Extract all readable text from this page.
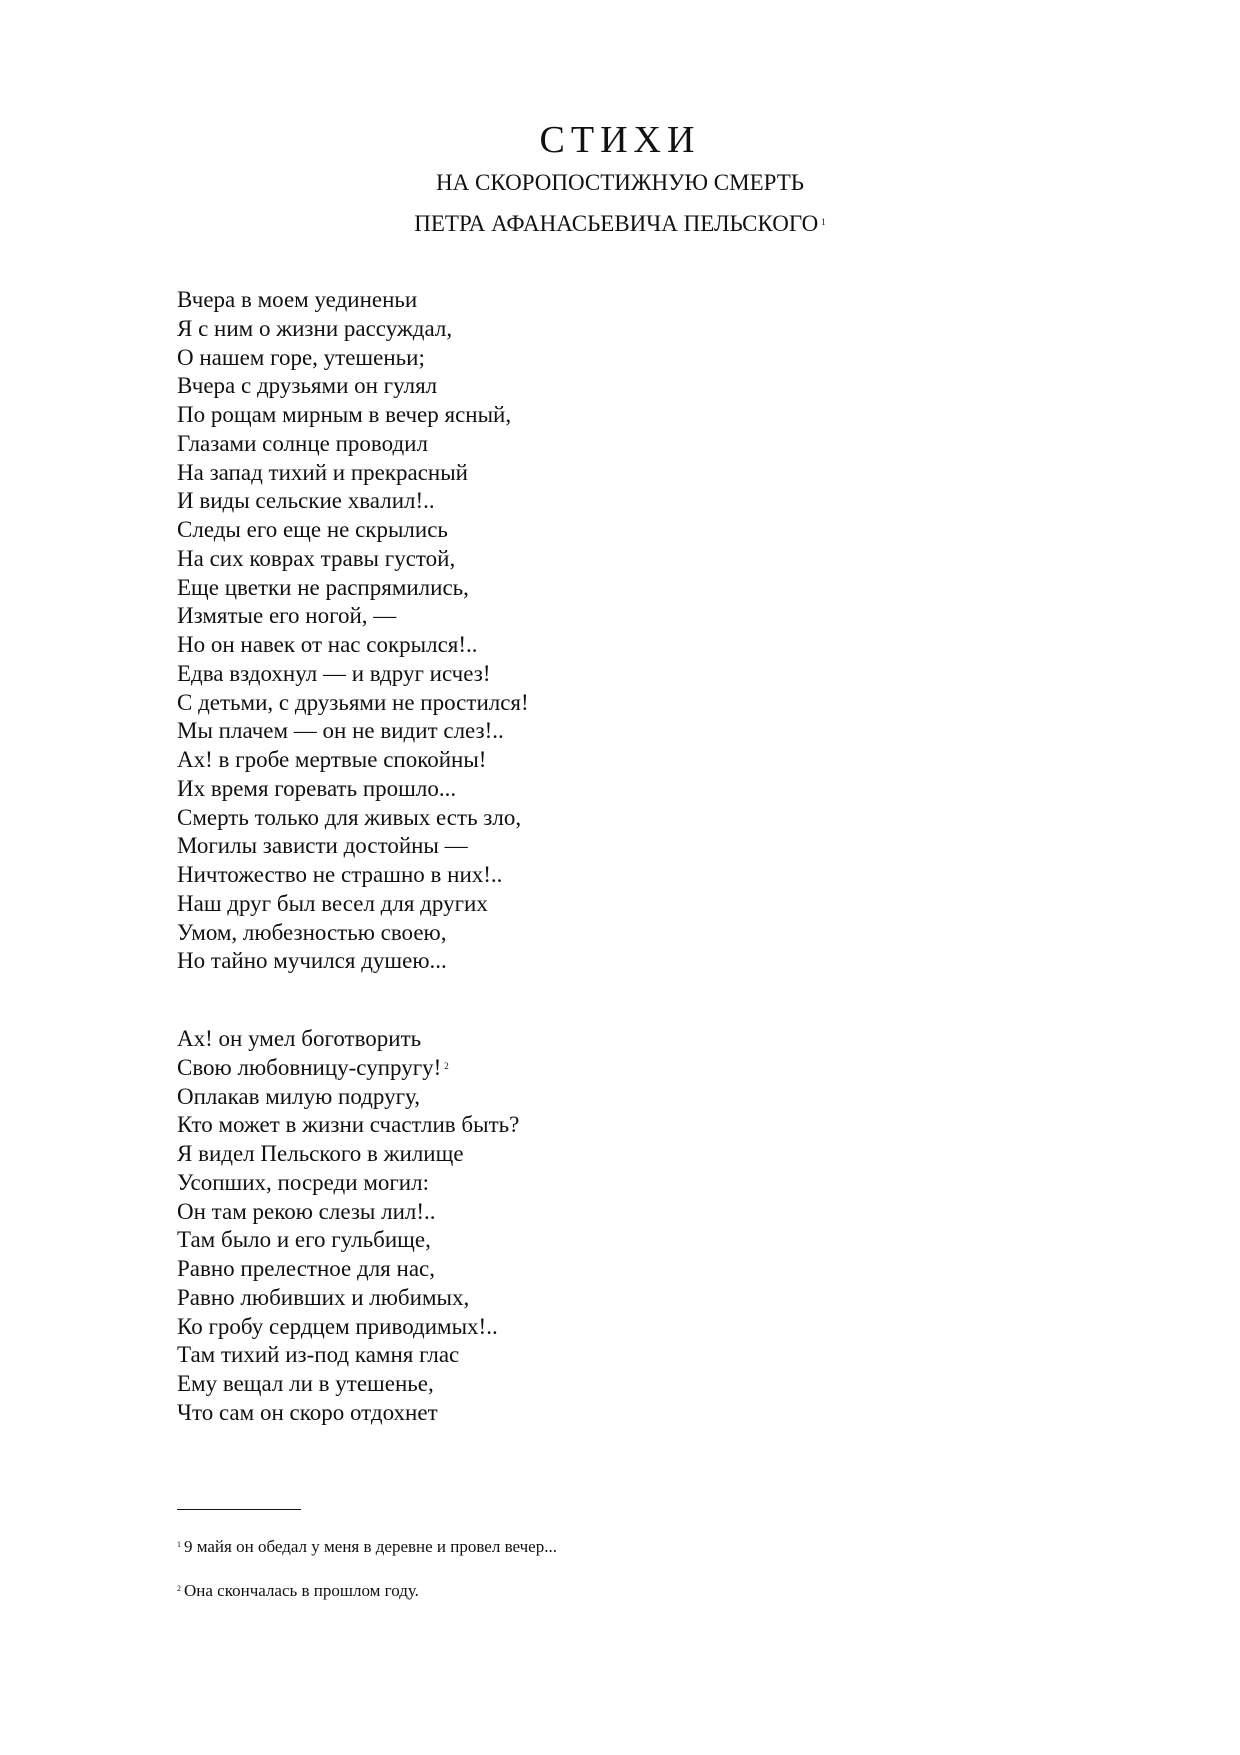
СТИХИ
НА СКОРОПОСТИЖНУЮ СМЕРТЬ
ПЕТРА АФАНАСЬЕВИЧА ПЕЛЬСКОГО $^1$
Вчера в моем уединеньи
Я с ним о жизни рассуждал,
О нашем горе, утешеньи;
Вчера с друзьями он гулял
По рощам мирным в вечер ясный,
Глазами солнце проводил
На запад тихий и прекрасный
И виды сельские хвалил!..
Следы его еще не скрылись
На сих коврах травы густой,
Еще цветки не распрямились,
Измятые его ногой, —
Но он навек от нас сокрылся!..
Едва вздохнул — и вдруг исчез!
С детьми, с друзьями не простился!
Мы плачем — он не видит слез!..
Ах! в гробе мертвые спокойны!
Их время горевать прошло...
Смерть только для живых есть зло,
Могилы зависти достойны —
Ничтожество не страшно в них!..
Наш друг был весел для других
Умом, любезностью своею,
Но тайно мучился душею...
Ах! он умел боготворить
Свою любовницу-супругу! $^2$
Оплакав милую подругу,
Кто может в жизни счастлив быть?
Я видел Пельского в жилище
Усопших, посреди могил:
Он там рекою слезы лил!..
Там было и его гульбище,
Равно прелестное для нас,
Равно любивших и любимых,
Ко гробу сердцем приводимых!..
Там тихий из-под камня глас
Ему вещал ли в утешенье,
Что сам он скоро отдохнет
$^1$ 9 майя он обедал у меня в деревне и провел вечер...
$^2$ Она скончалась в прошлом году.
